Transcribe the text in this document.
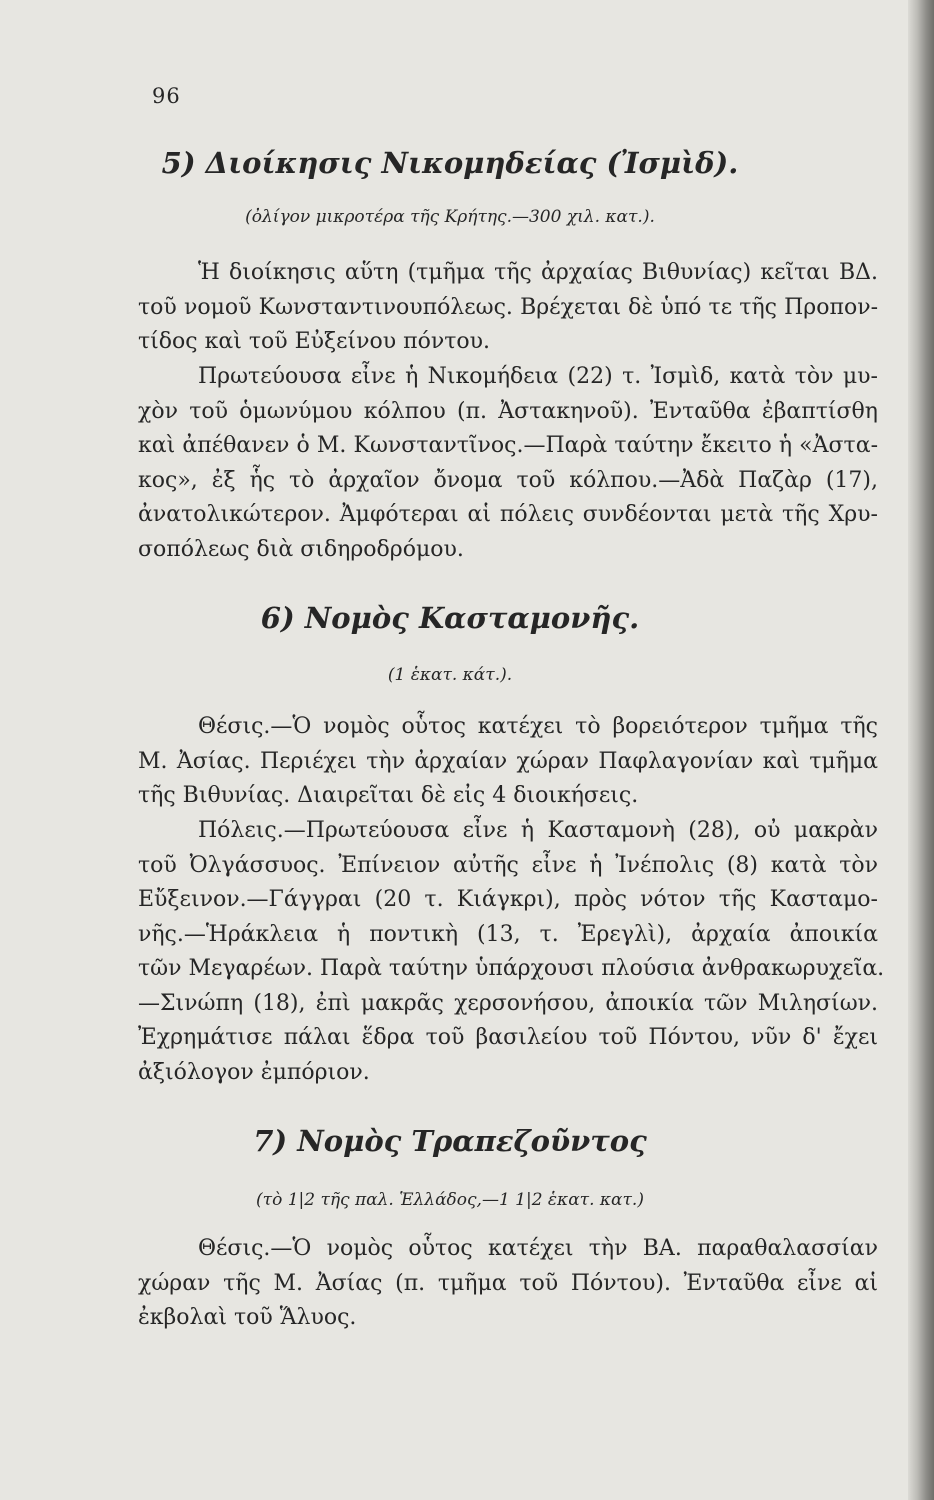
96
5) Διοίκησις Νικομηδείας (Ἰσμὶδ).
(ὀλίγον μικροτέρα τῆς Κρήτης.—300 χιλ. κατ.).
Ἡ διοίκησις αὕτη (τμῆμα τῆς ἀρχαίας Βιθυνίας) κεῖται ΒΔ.
τοῦ νομοῦ Κωνσταντινουπόλεως. Βρέχεται δὲ ὑπό τε τῆς Προπον-
τίδος καὶ τοῦ Εὐξείνου πόντου.
Πρωτεύουσα εἶνε ἡ Νικομήδεια (22) τ. Ἰσμὶδ, κατὰ τὸν μυ-
χὸν τοῦ ὁμωνύμου κόλπου (π. Ἀστακηνοῦ). Ἐνταῦθα ἐβαπτίσθη
καὶ ἀπέθανεν ὁ Μ. Κωνσταντῖνος.—Παρὰ ταύτην ἔκειτο ἡ «Ἀστα-
κος», ἐξ ἧς τὸ ἀρχαῖον ὄνομα τοῦ κόλπου.—Ἀδὰ Παζὰρ (17),
ἀνατολικώτερον. Ἀμφότεραι αἱ πόλεις συνδέονται μετὰ τῆς Χρυ-
σοπόλεως διὰ σιδηροδρόμου.
6) Νομὸς Κασταμονῆς.
(1 ἑκατ. κάτ.).
Θέσις.—Ὁ νομὸς οὗτος κατέχει τὸ βορειότερον τμῆμα τῆς
Μ. Ἀσίας. Περιέχει τὴν ἀρχαίαν χώραν Παφλαγονίαν καὶ τμῆμα
τῆς Βιθυνίας. Διαιρεῖται δὲ εἰς 4 διοικήσεις.
Πόλεις.—Πρωτεύουσα εἶνε ἡ Κασταμονὴ (28), οὐ μακρὰν
τοῦ Ὀλγάσσυος. Ἐπίνειον αὐτῆς εἶνε ἡ Ἰνέπολις (8) κατὰ τὸν
Εὔξεινον.—Γάγγραι (20 τ. Κιάγκρι), πρὸς νότον τῆς Κασταμο-
νῆς.—Ἡράκλεια ἡ ποντικὴ (13, τ. Ἐρεγλὶ), ἀρχαία ἀποικία
τῶν Μεγαρέων. Παρὰ ταύτην ὑπάρχουσι πλούσια ἀνθρακωρυχεῖα.
—Σινώπη (18), ἐπὶ μακρᾶς χερσονήσου, ἀποικία τῶν Μιλησίων.
Ἐχρημάτισε πάλαι ἕδρα τοῦ βασιλείου τοῦ Πόντου, νῦν δ' ἔχει
ἀξιόλογον ἐμπόριον.
7) Νομὸς Τραπεζοῦντος
(τὸ 1|2 τῆς παλ. Ἑλλάδος,—1 1|2 ἑκατ. κατ.)
Θέσις.—Ὁ νομὸς οὗτος κατέχει τὴν ΒΑ. παραθαλασσίαν
χώραν τῆς Μ. Ἀσίας (π. τμῆμα τοῦ Πόντου). Ἐνταῦθα εἶνε αἱ
ἐκβολαὶ τοῦ Ἅλυος.
